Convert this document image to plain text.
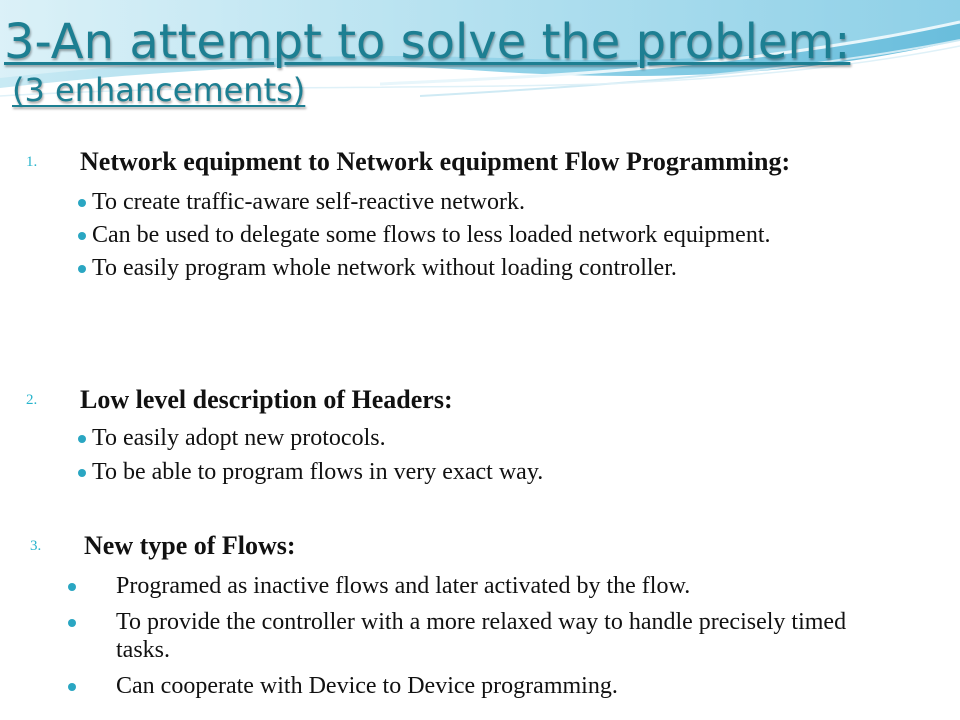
3-An attempt to solve the problem:
(3 enhancements)
1. Network equipment to Network equipment Flow Programming:
To create traffic-aware self-reactive network.
Can be used to delegate some flows to less loaded network equipment.
To easily program whole network without loading controller.
2. Low level description of Headers:
To easily adopt new protocols.
To be able to program flows in very exact way.
3. New type of Flows:
Programed as inactive flows and later activated by the flow.
To provide the controller with a more relaxed way to handle precisely timed tasks.
Can cooperate with Device to Device programming.
